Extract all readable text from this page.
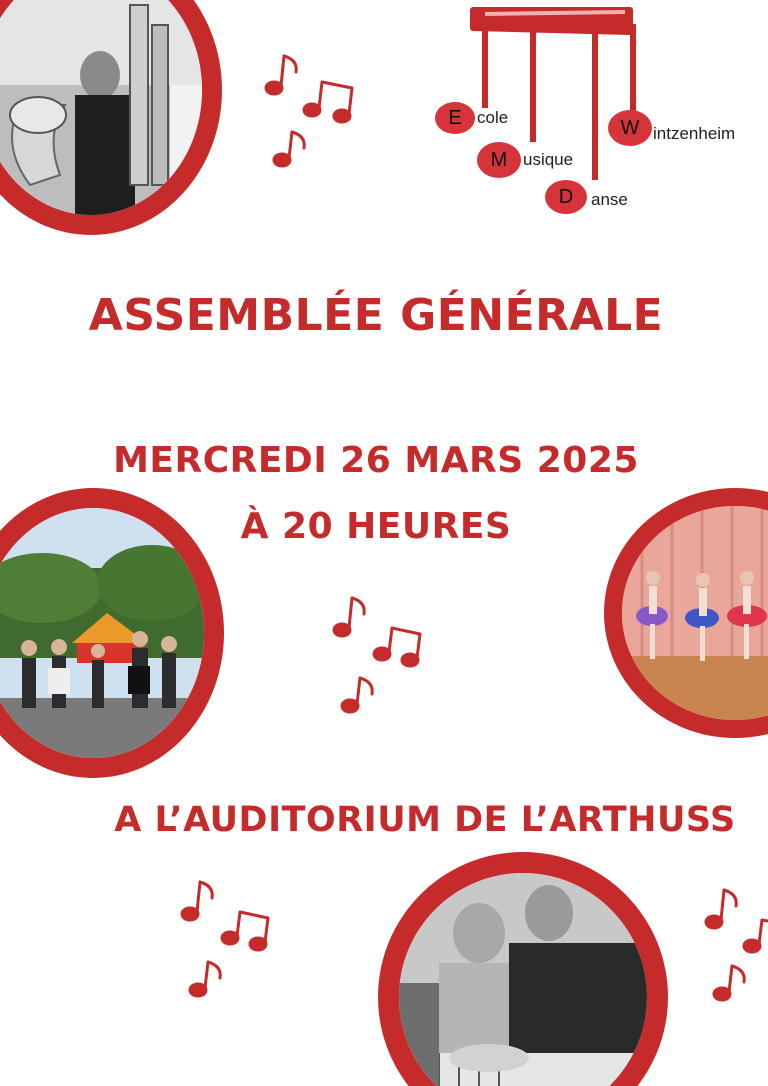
E cole
M usique
D anse
W intzenheim
ASSEMBLÉE GÉNÉRALE
MERCREDI 26 MARS 2025
À 20 HEURES
A L’AUDITORIUM DE L’ARTHUSS
